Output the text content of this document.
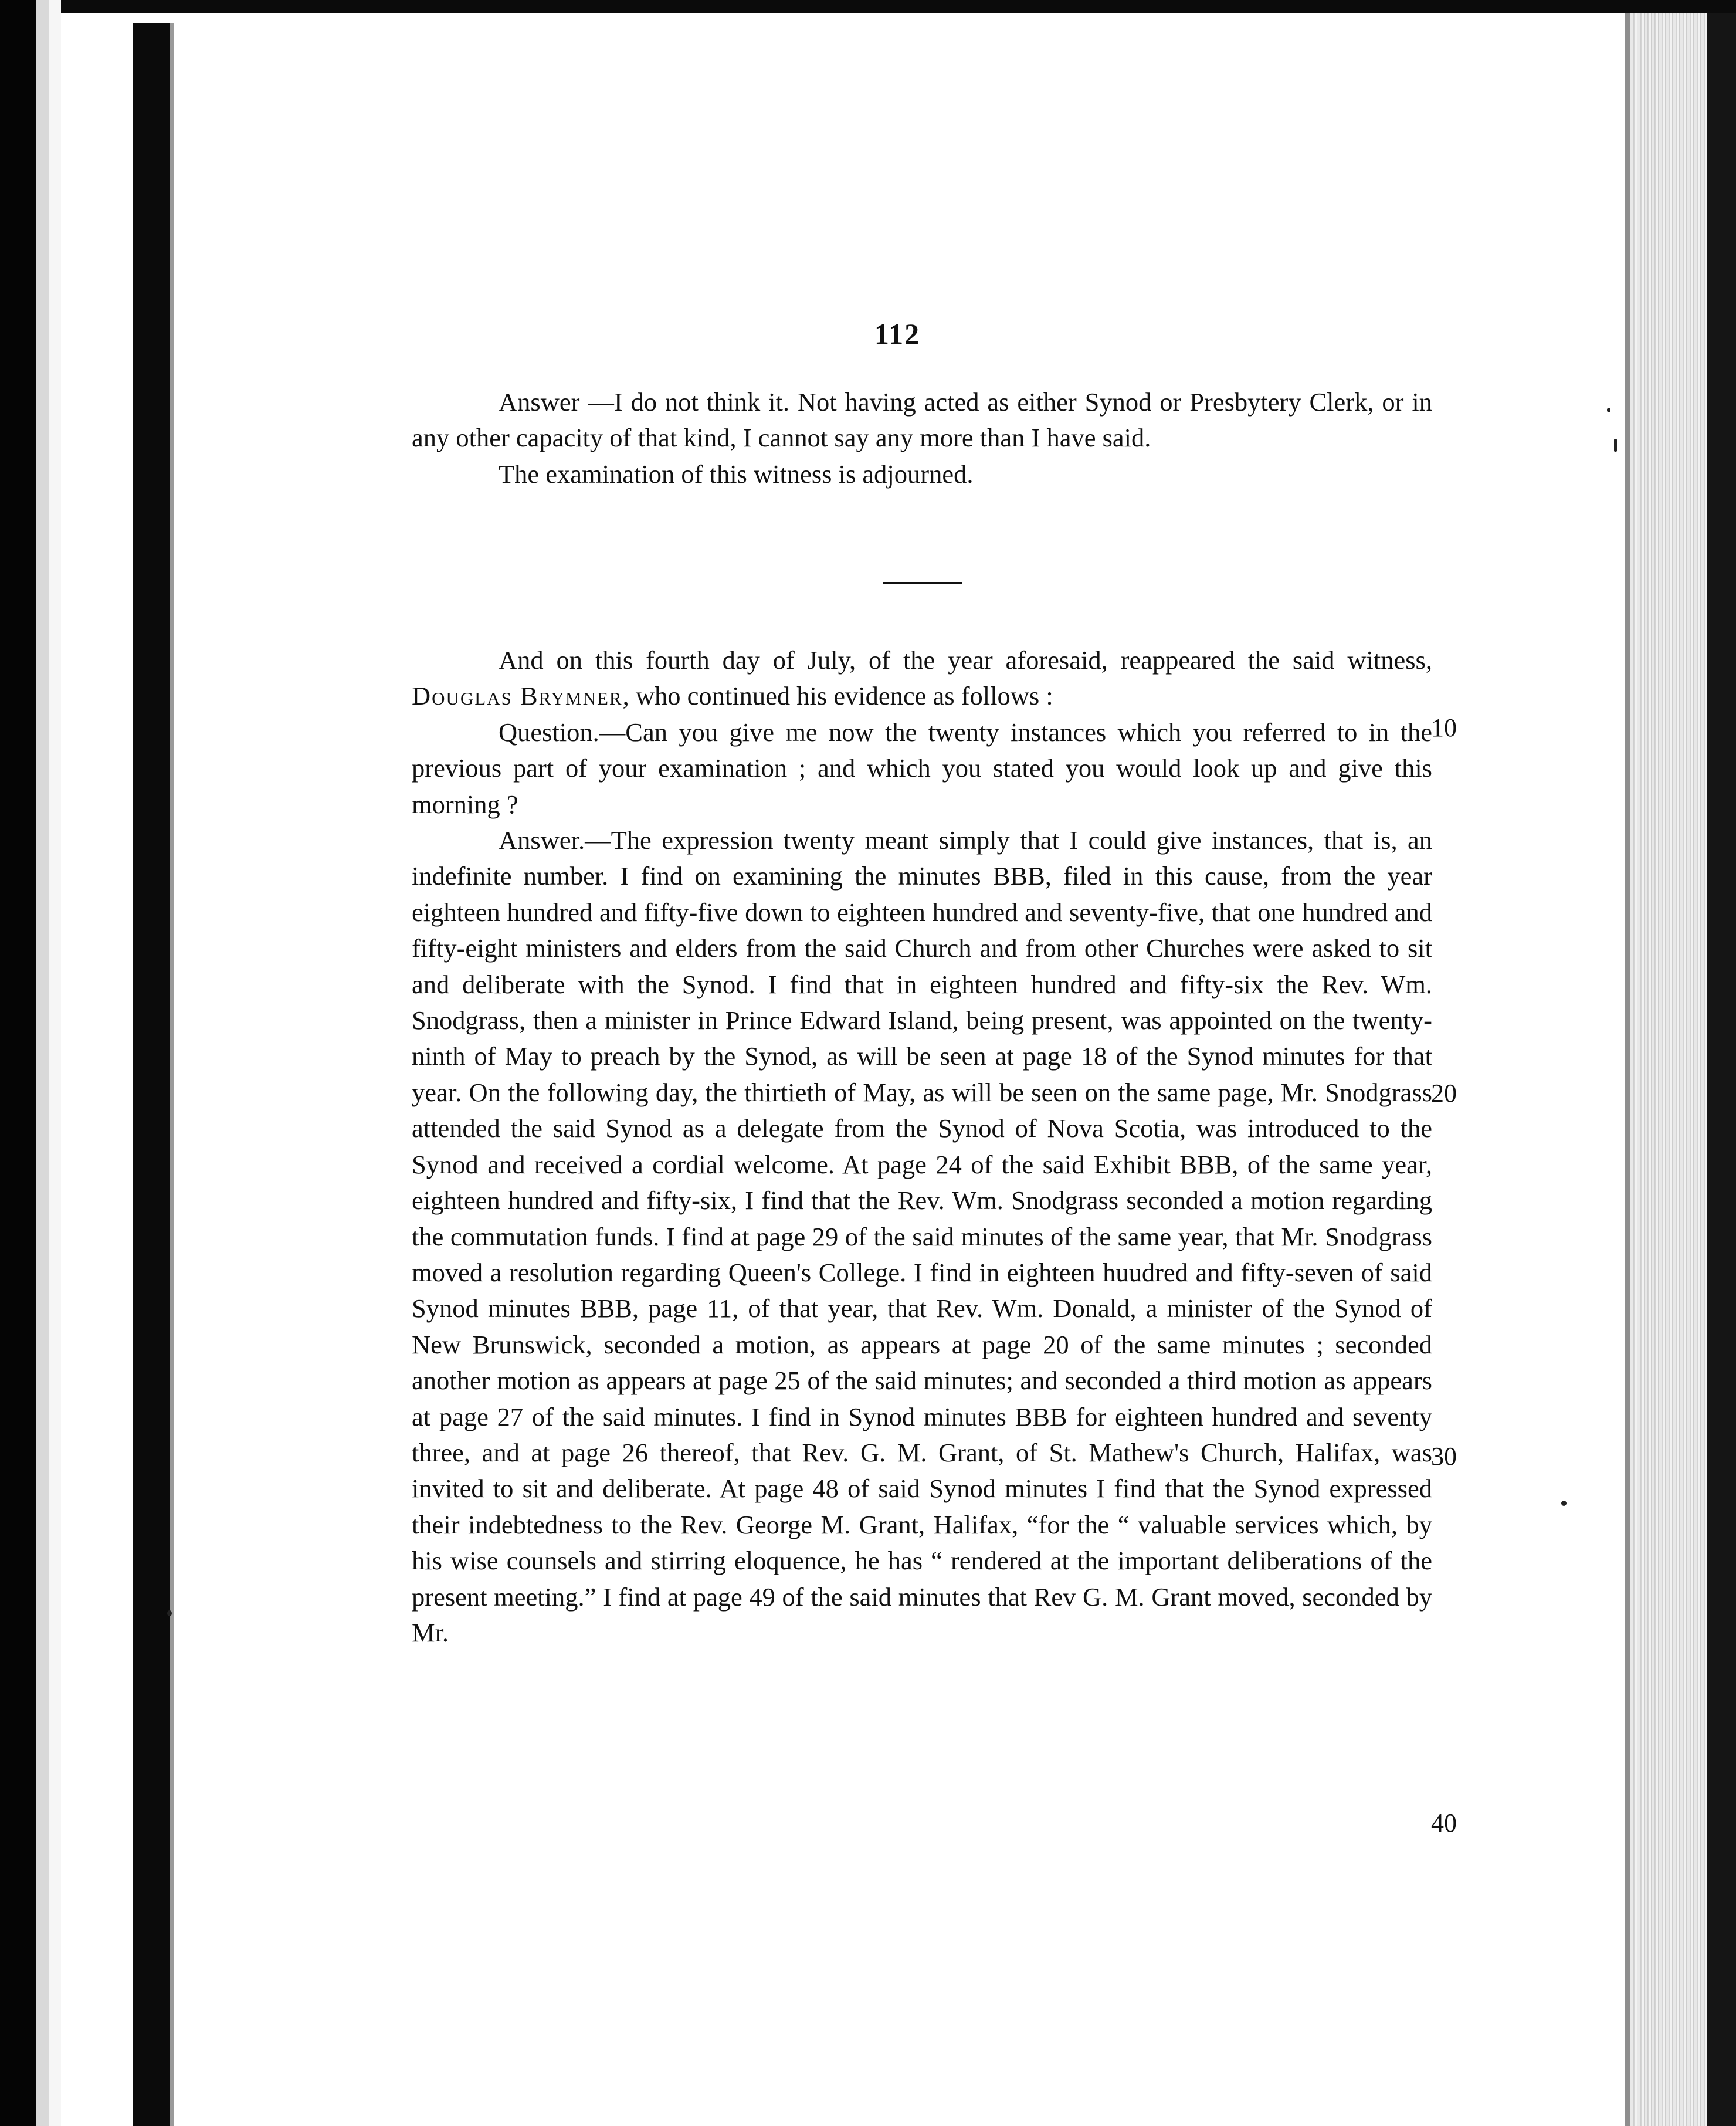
112

Answer —I do not think it. Not having acted as either Synod or Presbytery Clerk, or in any other capacity of that kind, I cannot say any more than I have said.

The examination of this witness is adjourned.

And on this fourth day of July, of the year aforesaid, reappeared the said witness, Douglas Brymner, who continued his evidence as follows :

Question.—Can you give me now the twenty instances which you referred to in the previous part of your examination ; and which you stated you would look up and give this morning ?

Answer.—The expression twenty meant simply that I could give instances, that is, an indefinite number. I find on examining the minutes BBB, filed in this cause, from the year eighteen hundred and fifty-five down to eighteen hundred and seventy-five, that one hundred and fifty-eight ministers and elders from the said Church and from other Churches were asked to sit and deliberate with the Synod. I find that in eighteen hundred and fifty-six the Rev. Wm. Snodgrass, then a minister in Prince Edward Island, being present, was appointed on the twenty-ninth of May to preach by the Synod, as will be seen at page 18 of the Synod minutes for that year. On the following day, the thirtieth of May, as will be seen on the same page, Mr. Snodgrass attended the said Synod as a delegate from the Synod of Nova Scotia, was introduced to the Synod and received a cordial welcome. At page 24 of the said Exhibit BBB, of the same year, eighteen hundred and fifty-six, I find that the Rev. Wm. Snodgrass seconded a motion regarding the commutation funds. I find at page 29 of the said minutes of the same year, that Mr. Snodgrass moved a resolution regarding Queen's College. I find in eighteen huudred and fifty-seven of said Synod minutes BBB, page 11, of that year, that Rev. Wm. Donald, a minister of the Synod of New Brunswick, seconded a motion, as appears at page 20 of the same minutes ; seconded another motion as appears at page 25 of the said minutes; and seconded a third motion as appears at page 27 of the said minutes. I find in Synod minutes BBB for eighteen hundred and seventy three, and at page 26 thereof, that Rev. G. M. Grant, of St. Mathew's Church, Halifax, was invited to sit and deliberate. At page 48 of said Synod minutes I find that the Synod expressed their indebtedness to the Rev. George M. Grant, Halifax, “for the “ valuable services which, by his wise counsels and stirring eloquence, he has “ rendered at the important deliberations of the present meeting.” I find at page 49 of the said minutes that Rev G. M. Grant moved, seconded by Mr.

10
20
30
40
